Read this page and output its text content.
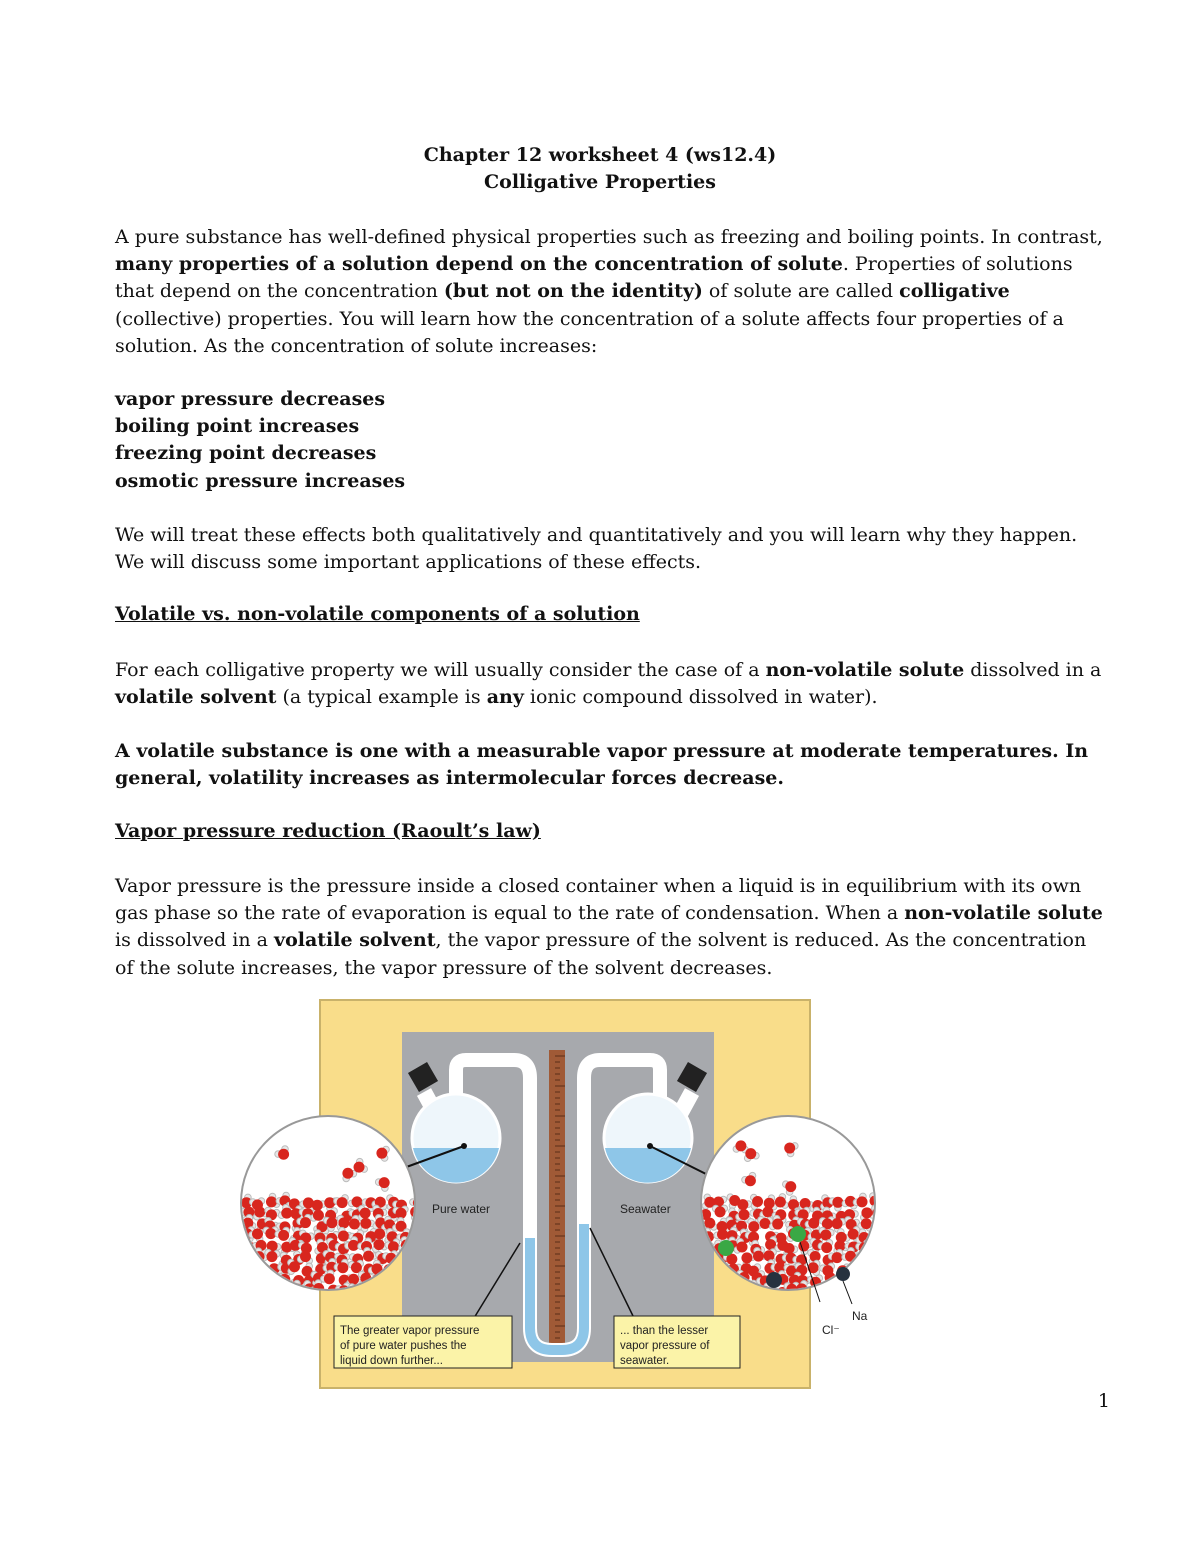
Chapter 12 worksheet 4 (ws12.4)
Colligative Properties

A pure substance has well-defined physical properties such as freezing and boiling points. In contrast, many properties of a solution depend on the concentration of solute. Properties of solutions that depend on the concentration (but not on the identity) of solute are called colligative (collective) properties. You will learn how the concentration of a solute affects four properties of a solution. As the concentration of solute increases:

vapor pressure decreases
boiling point increases
freezing point decreases
osmotic pressure increases

We will treat these effects both qualitatively and quantitatively and you will learn why they happen. We will discuss some important applications of these effects.

Volatile vs. non-volatile components of a solution

For each colligative property we will usually consider the case of a non-volatile solute dissolved in a volatile solvent (a typical example is any ionic compound dissolved in water).

A volatile substance is one with a measurable vapor pressure at moderate temperatures. In general, volatility increases as intermolecular forces decrease.

Vapor pressure reduction (Raoult’s law)

Vapor pressure is the pressure inside a closed container when a liquid is in equilibrium with its own gas phase so the rate of evaporation is equal to the rate of condensation. When a non-volatile solute is dissolved in a volatile solvent, the vapor pressure of the solvent is reduced. As the concentration of the solute increases, the vapor pressure of the solvent decreases.

Pure water	Seawater
The greater vapor pressure
of pure water pushes the
liquid down further...
... than the lesser
vapor pressure of
seawater.
Cl⁻
Na
1
